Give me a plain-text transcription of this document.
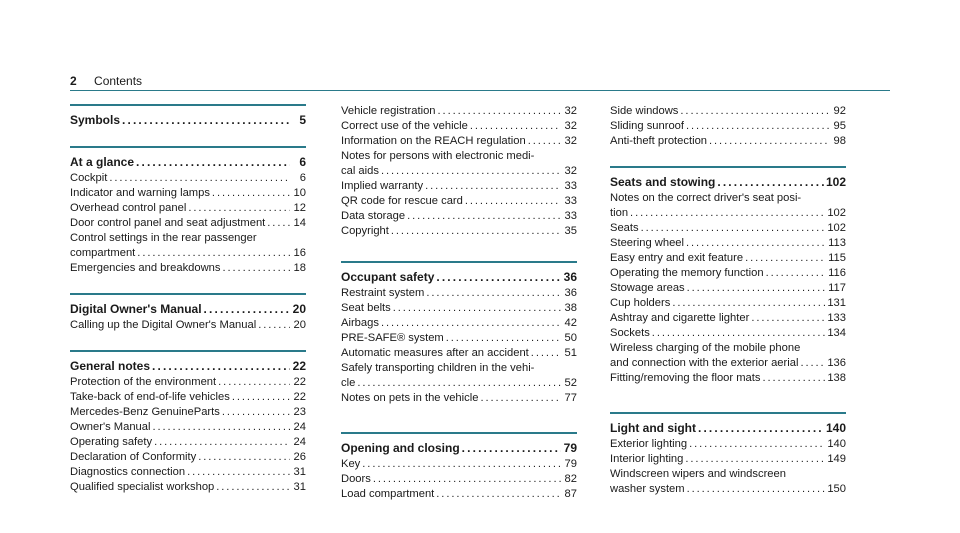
2 Contents
Symbols . . .	5
At a glance . . .	6
Cockpit . . .	6
Indicator and warning lamps . . .	10
Overhead control panel . . .	12
Door control panel and seat adjustment . . .	14
Control settings in the rear passenger
compartment . . .	16
Emergencies and breakdowns . . .	18
Digital Owner's Manual . . .	20
Calling up the Digital Owner's Manual . . .	20
General notes . . .	22
Protection of the environment . . .	22
Take-back of end-of-life vehicles . . .	22
Mercedes-Benz GenuineParts . . .	23
Owner's Manual . . .	24
Operating safety . . .	24
Declaration of Conformity . . .	26
Diagnostics connection . . .	31
Qualified specialist workshop . . .	31
Vehicle registration . . .	32
Correct use of the vehicle . . .	32
Information on the REACH regulation . . .	32
Notes for persons with electronic medi-
cal aids . . .	32
Implied warranty . . .	33
QR code for rescue card . . .	33
Data storage . . .	33
Copyright . . .	35
Occupant safety . . .	36
Restraint system . . .	36
Seat belts . . .	38
Airbags . . .	42
PRE-SAFE® system . . .	50
Automatic measures after an accident . . .	51
Safely transporting children in the vehi-
cle . . .	52
Notes on pets in the vehicle . . .	77
Opening and closing . . .	79
Key . . .	79
Doors . . .	82
Load compartment . . .	87
Side windows . . .	92
Sliding sunroof . . .	95
Anti-theft protection . . .	98
Seats and stowing . . .	102
Notes on the correct driver's seat posi-
tion . . .	102
Seats . . .	102
Steering wheel . . .	113
Easy entry and exit feature . . .	115
Operating the memory function . . .	116
Stowage areas . . .	117
Cup holders . . .	131
Ashtray and cigarette lighter . . .	133
Sockets . . .	134
Wireless charging of the mobile phone
and connection with the exterior aerial . . .	136
Fitting/removing the floor mats . . .	138
Light and sight . . .	140
Exterior lighting . . .	140
Interior lighting . . .	149
Windscreen wipers and windscreen
washer system . . .	150
